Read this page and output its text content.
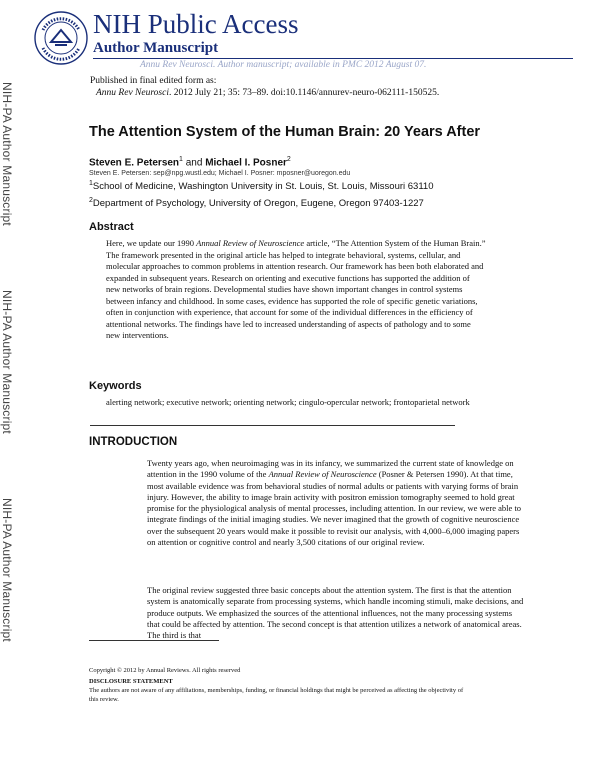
NIH-PA Author Manuscript
NIH-PA Author Manuscript
NIH-PA Author Manuscript
NIH Public Access
Author Manuscript
Annu Rev Neurosci. Author manuscript; available in PMC 2012 August 07.
Published in final edited form as:
Annu Rev Neurosci. 2012 July 21; 35: 73–89. doi:10.1146/annurev-neuro-062111-150525.
The Attention System of the Human Brain: 20 Years After
Steven E. Petersen$^1$ and Michael I. Posner$^2$
Steven E. Petersen: sep@npg.wustl.edu; Michael I. Posner: mposner@uoregon.edu
$^1$School of Medicine, Washington University in St. Louis, St. Louis, Missouri 63110
$^2$Department of Psychology, University of Oregon, Eugene, Oregon 97403-1227
Abstract
Here, we update our 1990 Annual Review of Neuroscience article, “The Attention System of the Human Brain.” The framework presented in the original article has helped to integrate behavioral, systems, cellular, and molecular approaches to common problems in attention research. Our framework has been both elaborated and expanded in subsequent years. Research on orienting and executive functions has supported the addition of new networks of brain regions. Developmental studies have shown important changes in control systems between infancy and childhood. In some cases, evidence has supported the role of specific genetic variations, often in conjunction with experience, that account for some of the individual differences in the efficiency of attentional networks. The findings have led to increased understanding of aspects of pathology and to some new interventions.
Keywords
alerting network; executive network; orienting network; cingulo-opercular network; frontoparietal network
INTRODUCTION
Twenty years ago, when neuroimaging was in its infancy, we summarized the current state of knowledge on attention in the 1990 volume of the Annual Review of Neuroscience (Posner & Petersen 1990). At that time, most available evidence was from behavioral studies of normal adults or patients with varying forms of brain injury. However, the ability to image brain activity with positron emission tomography seemed to hold great promise for the physiological analysis of mental processes, including attention. In our review, we were able to integrate findings of the initial imaging studies. We never imagined that the growth of cognitive neuroscience over the subsequent 20 years would make it possible to revisit our analysis, with 4,000–6,000 imaging papers on attention or cognitive control and nearly 3,500 citations of our original review.
The original review suggested three basic concepts about the attention system. The first is that the attention system is anatomically separate from processing systems, which handle incoming stimuli, make decisions, and produce outputs. We emphasized the sources of the attentional influences, not the many processing systems that could be affected by attention. The second concept is that attention utilizes a network of anatomical areas. The third is that
Copyright © 2012 by Annual Reviews. All rights reserved
DISCLOSURE STATEMENT
The authors are not aware of any affiliations, memberships, funding, or financial holdings that might be perceived as affecting the objectivity of this review.
